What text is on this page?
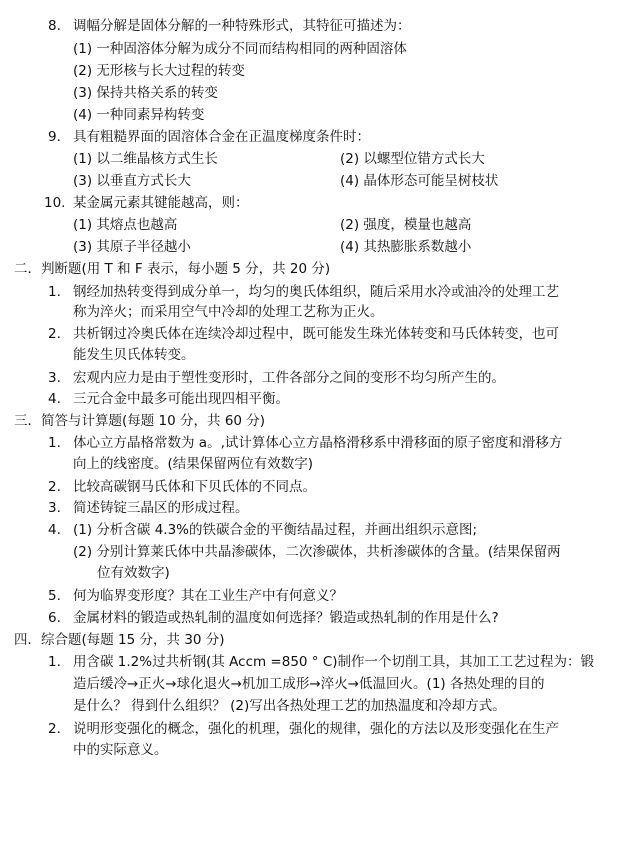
8. 调幅分解是固体分解的一种特殊形式，其特征可描述为：
(1) 一种固溶体分解为成分不同而结构相同的两种固溶体
(2) 无形核与长大过程的转变
(3) 保持共格关系的转变
(4) 一种同素异构转变
9. 具有粗糙界面的固溶体合金在正温度梯度条件时：
(1) 以二维晶核方式生长	(2) 以螺型位错方式长大
(3) 以垂直方式长大	(4) 晶体形态可能呈树枝状
10. 某金属元素其键能越高，则：
(1) 其熔点也越高	(2) 强度，模量也越高
(3) 其原子半径越小	(4) 其热膨胀系数越小
二．判断题(用 T 和 F 表示，每小题 5 分，共 20 分)
1. 钢经加热转变得到成分单一，均匀的奥氏体组织，随后采用水冷或油冷的处理工艺
称为淬火；而采用空气中冷却的处理工艺称为正火。
2. 共析钢过冷奥氏体在连续冷却过程中，既可能发生珠光体转变和马氏体转变，也可
能发生贝氏体转变。
3. 宏观内应力是由于塑性变形时，工件各部分之间的变形不均匀所产生的。
4. 三元合金中最多可能出现四相平衡。
三．简答与计算题(每题 10 分，共 60 分)
1. 体心立方晶格常数为 a。,试计算体心立方晶格滑移系中滑移面的原子密度和滑移方
向上的线密度。(结果保留两位有效数字)
2. 比较高碳钢马氏体和下贝氏体的不同点。
3. 简述铸锭三晶区的形成过程。
4. (1) 分析含碳 4.3%的铁碳合金的平衡结晶过程，并画出组织示意图;
(2) 分别计算莱氏体中共晶渗碳体，二次渗碳体，共析渗碳体的含量。(结果保留两
位有效数字)
5. 何为临界变形度？其在工业生产中有何意义？
6. 金属材料的锻造或热轧制的温度如何选择？锻造或热轧制的作用是什么?
四．综合题(每题 15 分，共 30 分)
1. 用含碳 1.2%过共析钢(其 Accm =850 ° C)制作一个切削工具，其加工工艺过程为：锻
造后缓冷→正火→球化退火→机加工成形→淬火→低温回火。(1) 各热处理的目的
是什么？ 得到什么组织？ (2)写出各热处理工艺的加热温度和冷却方式。
2. 说明形变强化的概念，强化的机理，强化的规律，强化的方法以及形变强化在生产
中的实际意义。
